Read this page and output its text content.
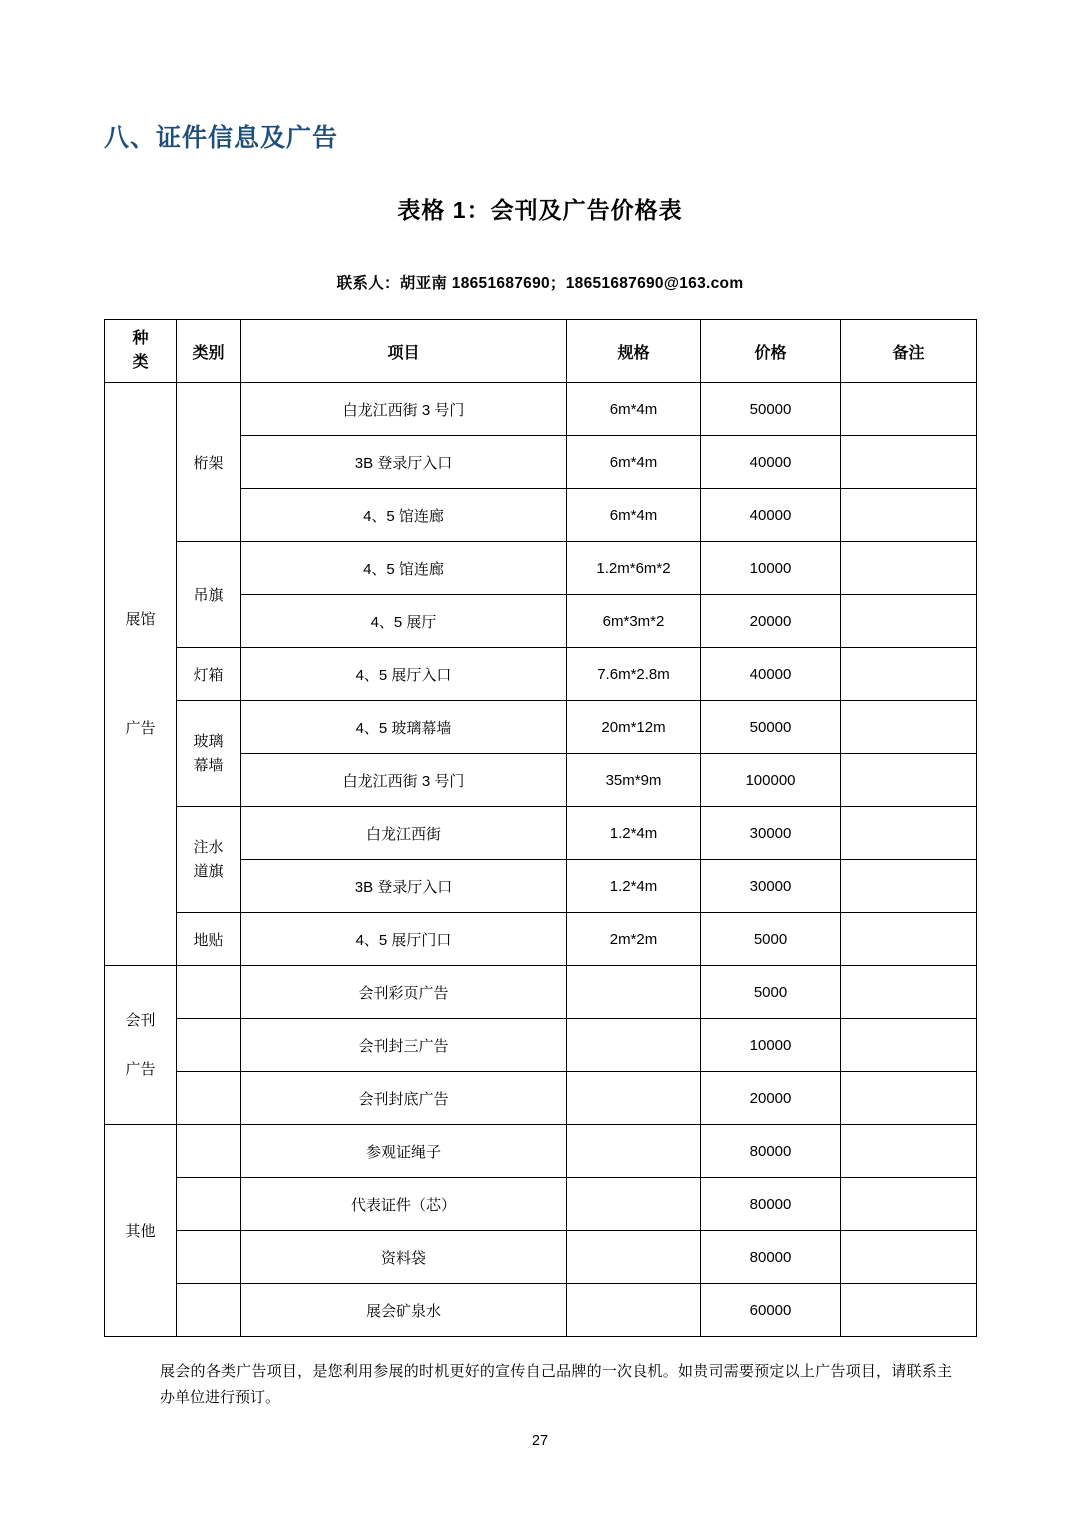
八、证件信息及广告
表格 1：会刊及广告价格表

联系人：胡亚南 18651687690；18651687690@163.com

种
类	类别	项目	规格	价格	备注

展馆
广告	桁架	白龙江西街 3 号门	6m*4m	50000	
		3B 登录厅入口	6m*4m	40000	
		4、5 馆连廊	6m*4m	40000	
	吊旗	4、5 馆连廊	1.2m*6m*2	10000	
		4、5 展厅	6m*3m*2	20000	
	灯箱	4、5 展厅入口	7.6m*2.8m	40000	

	玻璃
幕墙	4、5 玻璃幕墙	20m*12m	50000	
		白龙江西街 3 号门	35m*9m	100000	

	注水
道旗	白龙江西街	1.2*4m	30000	
		3B 登录厅入口	1.2*4m	30000	
	地贴	4、5 展厅门口	2m*2m	5000	

会刊
广告		会刊彩页广告		5000	
		会刊封三广告		10000	
		会刊封底广告		20000	
其他		参观证绳子		80000	
		代表证件（芯）		80000	
		资料袋		80000	
		展会矿泉水		60000	

展会的各类广告项目，是您利用参展的时机更好的宣传自己品牌的一次良机。如贵司需要预定以上广告项目，请联系主办单位进行预订。

27
